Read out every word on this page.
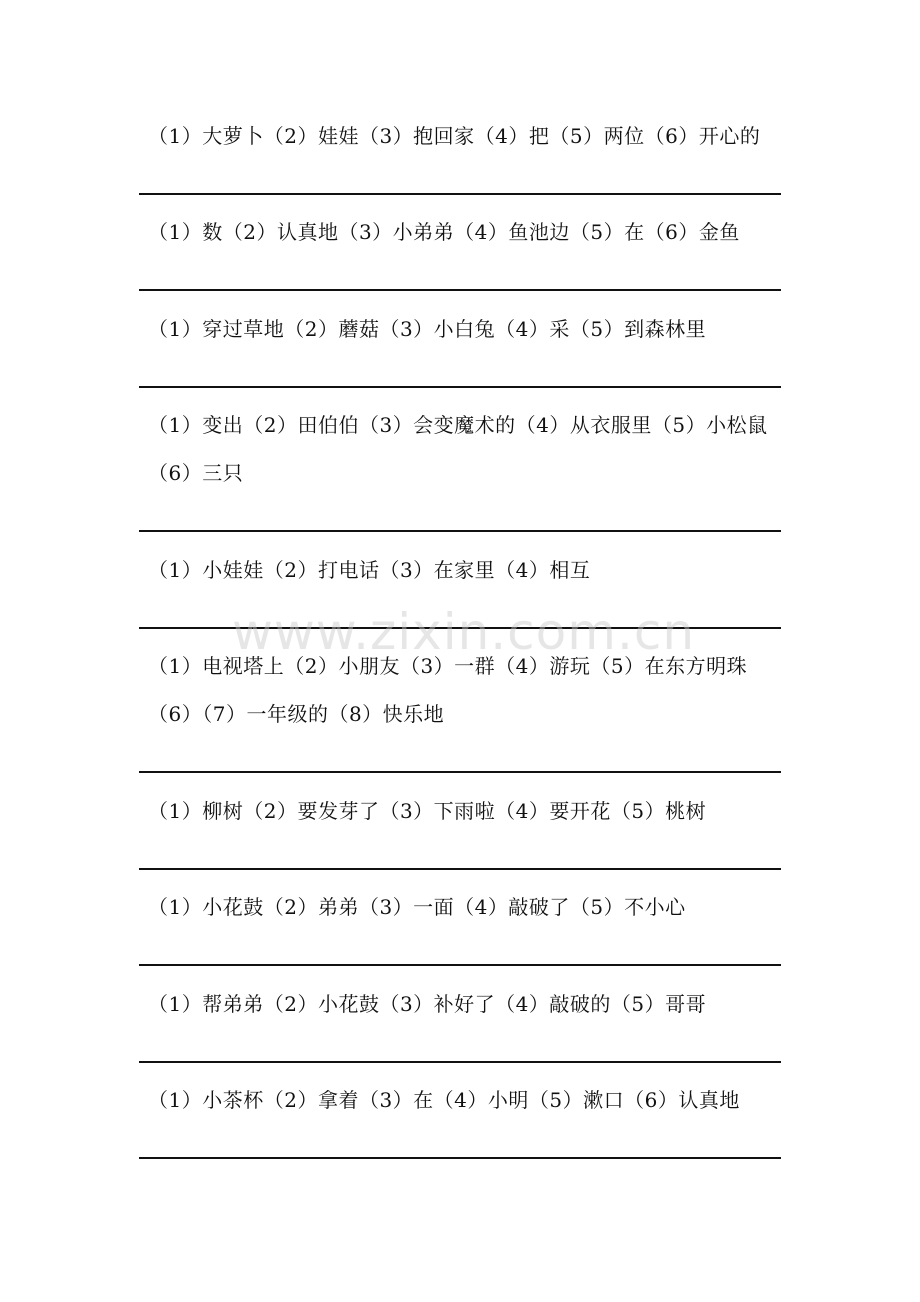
（1）大萝卜（2）娃娃（3）抱回家（4）把（5）两位（6）开心的
（1）数（2）认真地（3）小弟弟（4）鱼池边（5）在（6）金鱼
（1）穿过草地（2）蘑菇（3）小白兔（4）采（5）到森林里
（1）变出（2）田伯伯（3）会变魔术的（4）从衣服里（5）小松鼠
（6）三只
（1）小娃娃（2）打电话（3）在家里（4）相互
（1）电视塔上（2）小朋友（3）一群（4）游玩（5）在东方明珠
（6）（7）一年级的（8）快乐地
（1）柳树（2）要发芽了（3）下雨啦（4）要开花（5）桃树
（1）小花鼓（2）弟弟（3）一面（4）敲破了（5）不小心
（1）帮弟弟（2）小花鼓（3）补好了（4）敲破的（5）哥哥
（1）小茶杯（2）拿着（3）在（4）小明（5）漱口（6）认真地
www.zixin.com.cn
